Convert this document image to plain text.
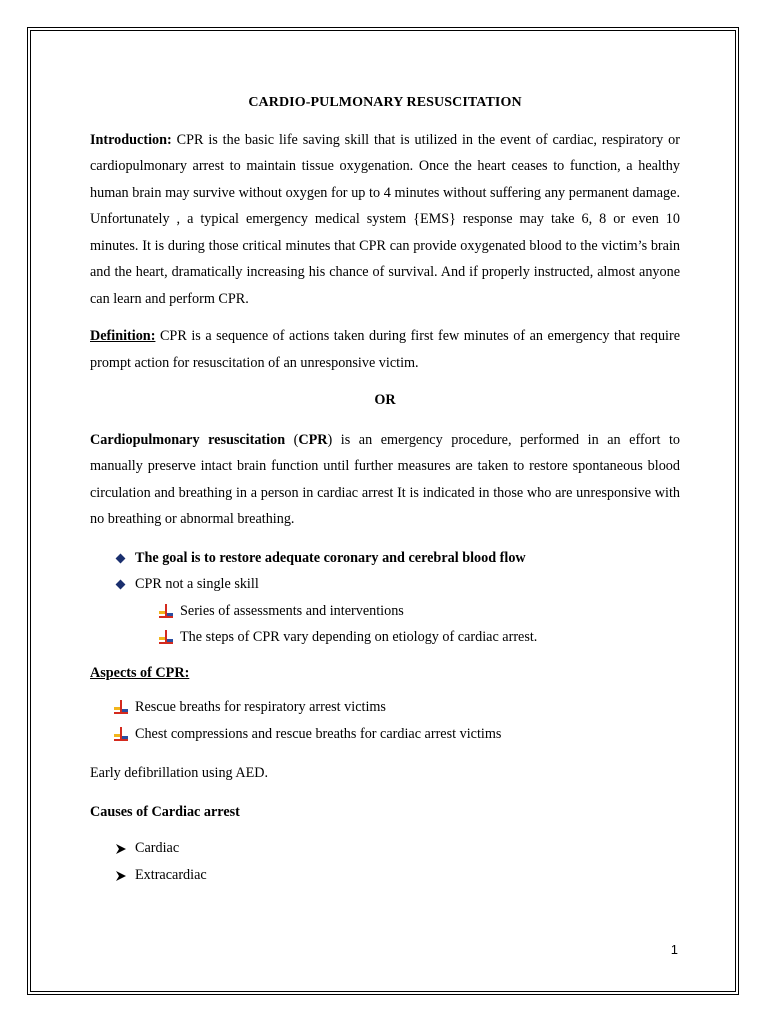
CARDIO-PULMONARY RESUSCITATION

Introduction: CPR is the basic life saving skill that is utilized in the event of cardiac, respiratory or cardiopulmonary arrest to maintain tissue oxygenation. Once the heart ceases to function, a healthy human brain may survive without oxygen for up to 4 minutes without suffering any permanent damage. Unfortunately , a typical emergency medical system {EMS} response may take 6, 8 or even 10 minutes. It is during those critical minutes that CPR can provide oxygenated blood to the victim’s brain and the heart, dramatically increasing his chance of survival. And if properly instructed, almost anyone can learn and perform CPR.

Definition: CPR is a sequence of actions taken during first few minutes of an emergency that require prompt action for resuscitation of an unresponsive victim.

OR

Cardiopulmonary resuscitation (CPR) is an emergency procedure, performed in an effort to manually preserve intact brain function until further measures are taken to restore spontaneous blood circulation and breathing in a person in cardiac arrest It is indicated in those who are unresponsive with no breathing or abnormal breathing.

The goal is to restore adequate coronary and cerebral blood flow
CPR not a single skill
Series of assessments and interventions
The steps of CPR vary depending on etiology of cardiac arrest.
Aspects of CPR:
Rescue breaths for respiratory arrest victims
Chest compressions and rescue breaths for cardiac arrest victims

Early defibrillation using AED.

Causes of Cardiac arrest
Cardiac
Extracardiac
1
